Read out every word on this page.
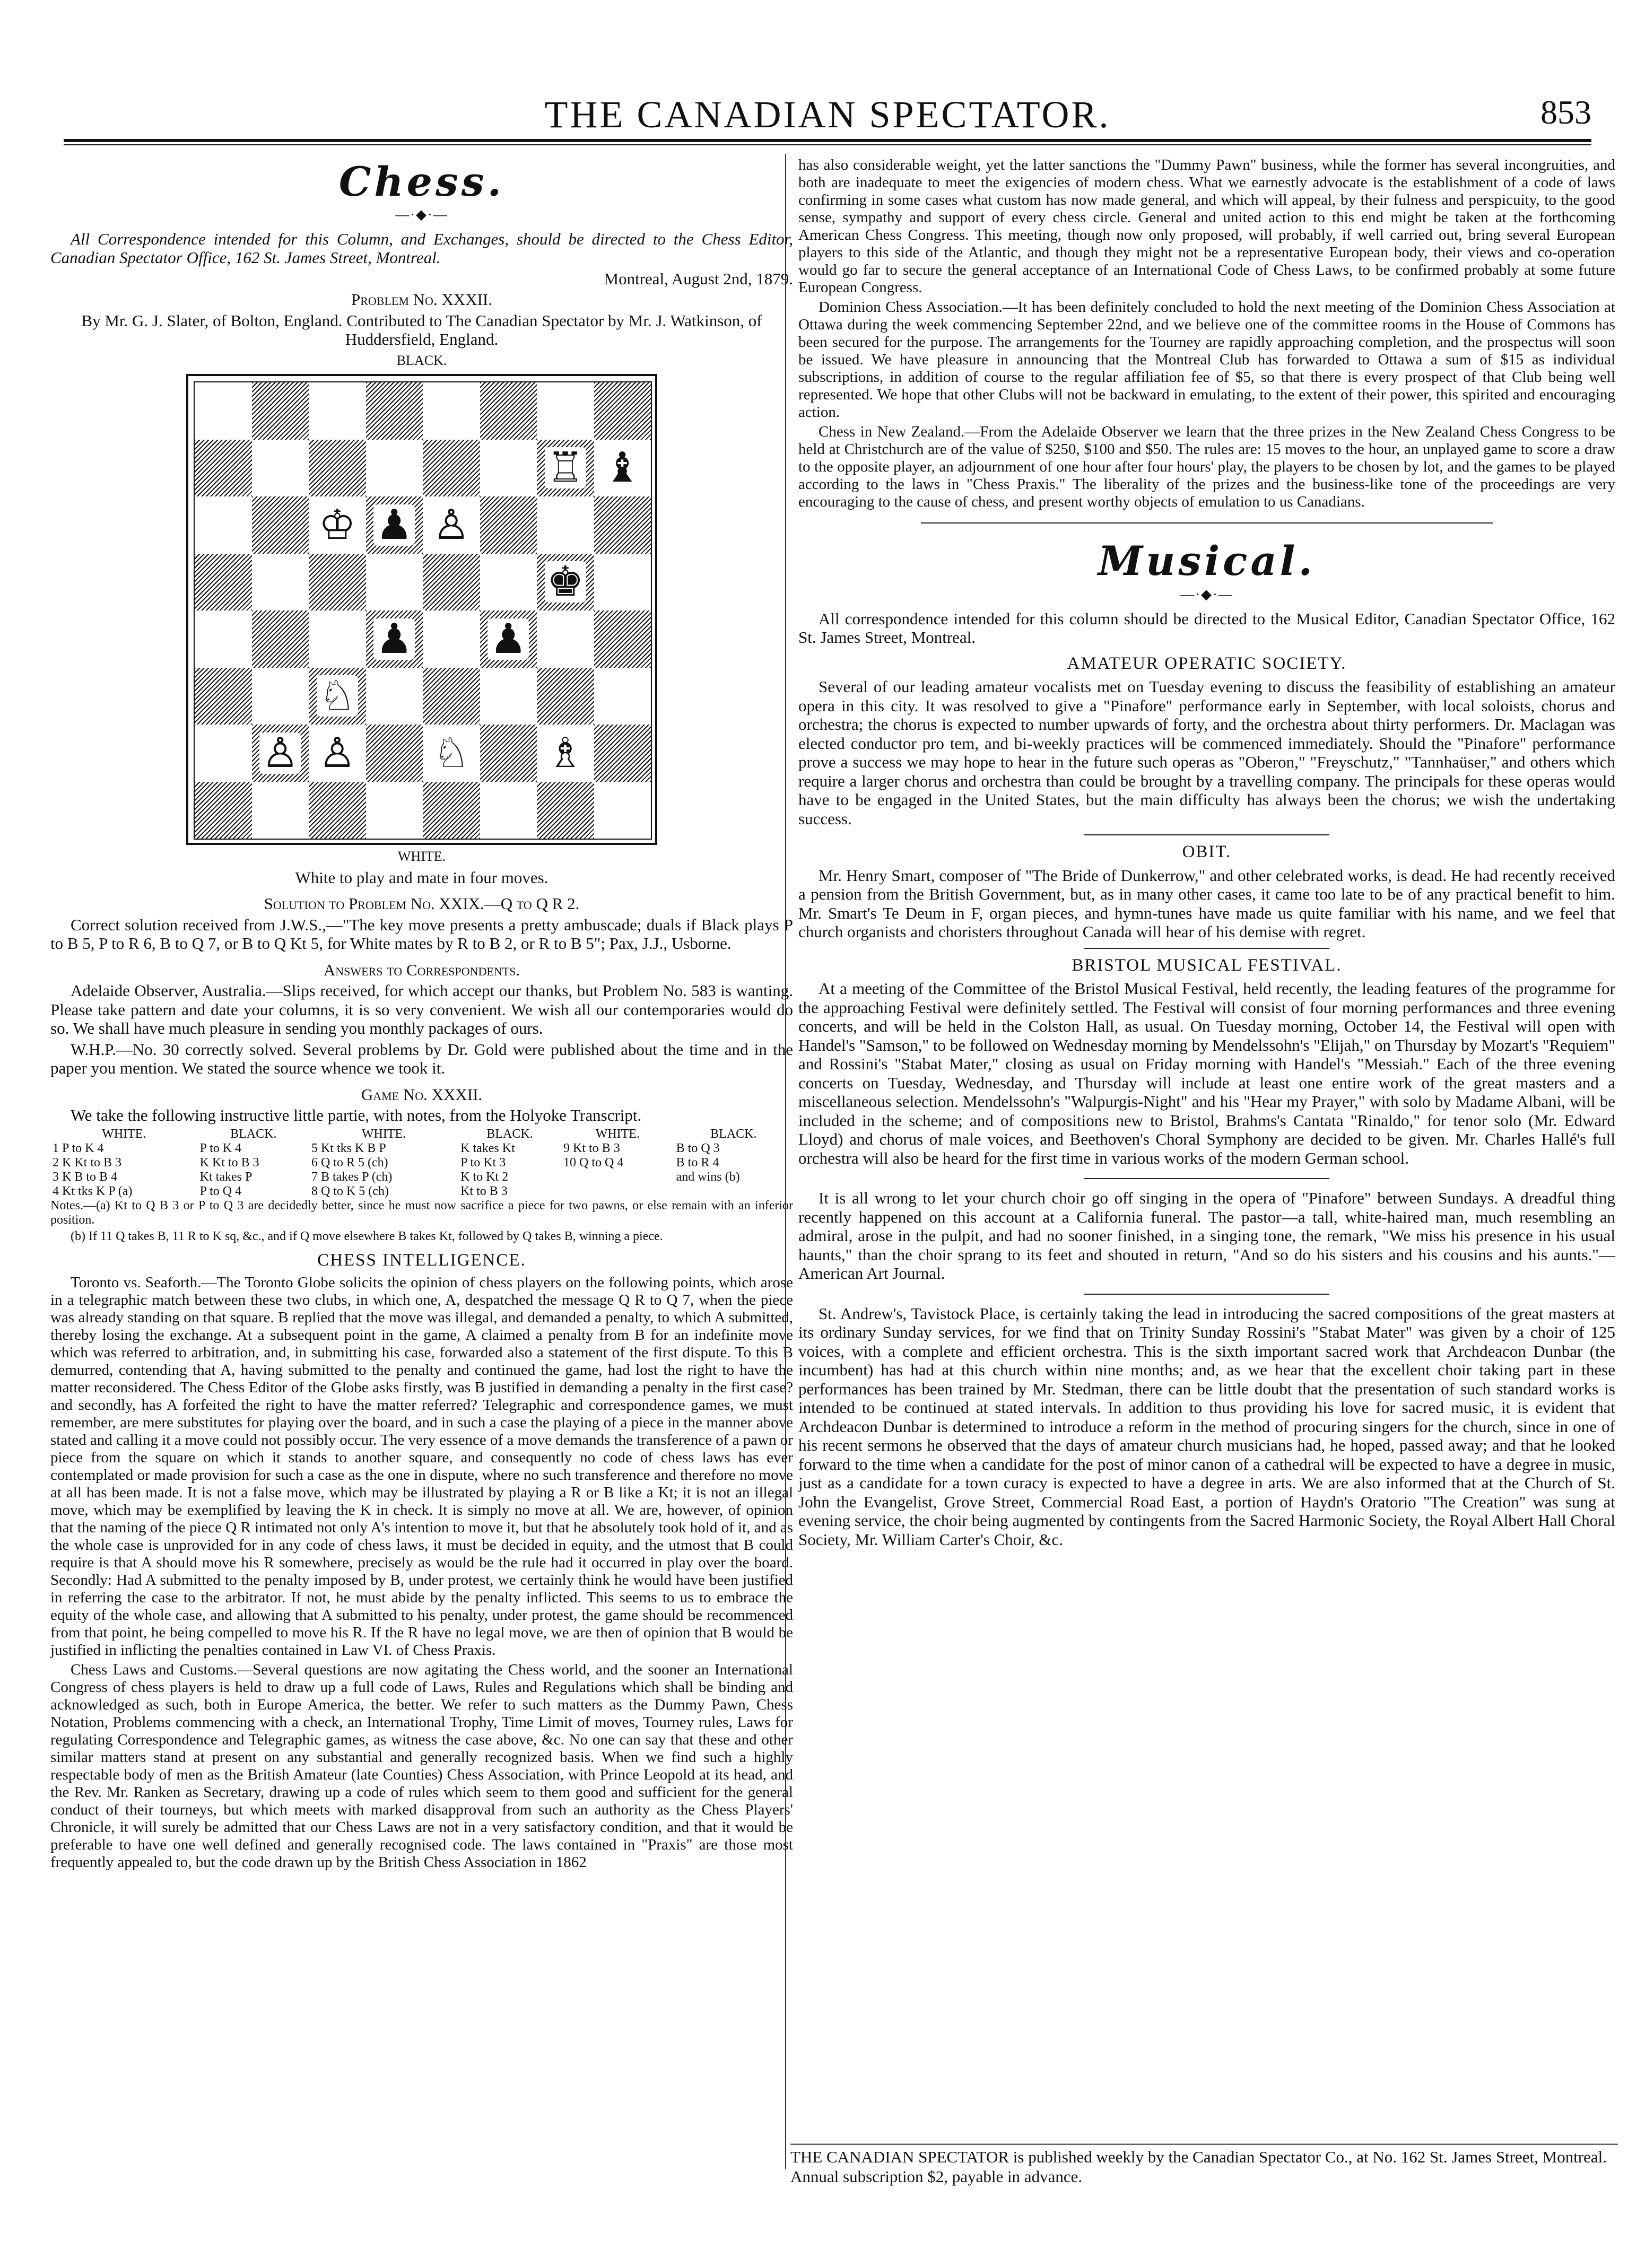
THE CANADIAN SPECTATOR.	853
Chess.
—·◆·—

All Correspondence intended for this Column, and Exchanges, should be directed to the Chess Editor, Canadian Spectator Office, 162 St. James Street, Montreal.

Montreal, August 2nd, 1879.

Problem No. XXXII.

By Mr. G. J. Slater, of Bolton, England. Contributed to The Canadian Spectator by Mr. J. Watkinson, of Huddersfield, England.

BLACK.

♖ ♝
♔ ♟ ♙
♚
♟ ♟
♘
♙ ♙ ♘ ♗

WHITE.

White to play and mate in four moves.

Solution to Problem No. XXIX.—Q to Q R 2.

Correct solution received from J.W.S.,—"The key move presents a pretty ambuscade; duals if Black plays P to B 5, P to R 6, B to Q 7, or B to Q Kt 5, for White mates by R to B 2, or R to B 5"; Pax, J.J., Usborne.

Answers to Correspondents.

Adelaide Observer, Australia.—Slips received, for which accept our thanks, but Problem No. 583 is wanting. Please take pattern and date your columns, it is so very convenient. We wish all our contemporaries would do so. We shall have much pleasure in sending you monthly packages of ours.

W.H.P.—No. 30 correctly solved. Several problems by Dr. Gold were published about the time and in the paper you mention. We stated the source whence we took it.

Game No. XXXII.

We take the following instructive little partie, with notes, from the Holyoke Transcript.

WHITE.	BLACK.	WHITE.	BLACK.	WHITE.	BLACK.
1 P to K 4	P to K 4	5 Kt tks K B P	K takes Kt	9 Kt to B 3	B to Q 3
2 K Kt to B 3	K Kt to B 3	6 Q to R 5 (ch)	P to Kt 3	10 Q to Q 4	B to R 4
3 K B to B 4	Kt takes P	7 B takes P (ch)	K to Kt 2		and wins (b)
4 Kt tks K P (a)	P to Q 4	8 Q to K 5 (ch)	Kt to B 3		

Notes.—(a) Kt to Q B 3 or P to Q 3 are decidedly better, since he must now sacrifice a piece for two pawns, or else remain with an inferior position.

(b) If 11 Q takes B, 11 R to K sq, &c., and if Q move elsewhere B takes Kt, followed by Q takes B, winning a piece.

CHESS INTELLIGENCE.

Toronto vs. Seaforth.—The Toronto Globe solicits the opinion of chess players on the following points, which arose in a telegraphic match between these two clubs, in which one, A, despatched the message Q R to Q 7, when the piece was already standing on that square. B replied that the move was illegal, and demanded a penalty, to which A submitted, thereby losing the exchange. At a subsequent point in the game, A claimed a penalty from B for an indefinite move which was referred to arbitration, and, in submitting his case, forwarded also a statement of the first dispute. To this B demurred, contending that A, having submitted to the penalty and continued the game, had lost the right to have the matter reconsidered. The Chess Editor of the Globe asks firstly, was B justified in demanding a penalty in the first case? and secondly, has A forfeited the right to have the matter referred? Telegraphic and correspondence games, we must remember, are mere substitutes for playing over the board, and in such a case the playing of a piece in the manner above stated and calling it a move could not possibly occur. The very essence of a move demands the transference of a pawn or piece from the square on which it stands to another square, and consequently no code of chess laws has ever contemplated or made provision for such a case as the one in dispute, where no such transference and therefore no move at all has been made. It is not a false move, which may be illustrated by playing a R or B like a Kt; it is not an illegal move, which may be exemplified by leaving the K in check. It is simply no move at all. We are, however, of opinion that the naming of the piece Q R intimated not only A's intention to move it, but that he absolutely took hold of it, and as the whole case is unprovided for in any code of chess laws, it must be decided in equity, and the utmost that B could require is that A should move his R somewhere, precisely as would be the rule had it occurred in play over the board. Secondly: Had A submitted to the penalty imposed by B, under protest, we certainly think he would have been justified in referring the case to the arbitrator. If not, he must abide by the penalty inflicted. This seems to us to embrace the equity of the whole case, and allowing that A submitted to his penalty, under protest, the game should be recommenced from that point, he being compelled to move his R. If the R have no legal move, we are then of opinion that B would be justified in inflicting the penalties contained in Law VI. of Chess Praxis.

Chess Laws and Customs.—Several questions are now agitating the Chess world, and the sooner an International Congress of chess players is held to draw up a full code of Laws, Rules and Regulations which shall be binding and acknowledged as such, both in Europe America, the better. We refer to such matters as the Dummy Pawn, Chess Notation, Problems commencing with a check, an International Trophy, Time Limit of moves, Tourney rules, Laws for regulating Correspondence and Telegraphic games, as witness the case above, &c. No one can say that these and other similar matters stand at present on any substantial and generally recognized basis. When we find such a highly respectable body of men as the British Amateur (late Counties) Chess Association, with Prince Leopold at its head, and the Rev. Mr. Ranken as Secretary, drawing up a code of rules which seem to them good and sufficient for the general conduct of their tourneys, but which meets with marked disapproval from such an authority as the Chess Players' Chronicle, it will surely be admitted that our Chess Laws are not in a very satisfactory condition, and that it would be preferable to have one well defined and generally recognised code. The laws contained in "Praxis" are those most frequently appealed to, but the code drawn up by the British Chess Association in 1862

has also considerable weight, yet the latter sanctions the "Dummy Pawn" business, while the former has several incongruities, and both are inadequate to meet the exigencies of modern chess. What we earnestly advocate is the establishment of a code of laws confirming in some cases what custom has now made general, and which will appeal, by their fulness and perspicuity, to the good sense, sympathy and support of every chess circle. General and united action to this end might be taken at the forthcoming American Chess Congress. This meeting, though now only proposed, will probably, if well carried out, bring several European players to this side of the Atlantic, and though they might not be a representative European body, their views and co-operation would go far to secure the general acceptance of an International Code of Chess Laws, to be confirmed probably at some future European Congress.

Dominion Chess Association.—It has been definitely concluded to hold the next meeting of the Dominion Chess Association at Ottawa during the week commencing September 22nd, and we believe one of the committee rooms in the House of Commons has been secured for the purpose. The arrangements for the Tourney are rapidly approaching completion, and the prospectus will soon be issued. We have pleasure in announcing that the Montreal Club has forwarded to Ottawa a sum of $15 as individual subscriptions, in addition of course to the regular affiliation fee of $5, so that there is every prospect of that Club being well represented. We hope that other Clubs will not be backward in emulating, to the extent of their power, this spirited and encouraging action.

Chess in New Zealand.—From the Adelaide Observer we learn that the three prizes in the New Zealand Chess Congress to be held at Christchurch are of the value of $250, $100 and $50. The rules are: 15 moves to the hour, an unplayed game to score a draw to the opposite player, an adjournment of one hour after four hours' play, the players to be chosen by lot, and the games to be played according to the laws in "Chess Praxis." The liberality of the prizes and the business-like tone of the proceedings are very encouraging to the cause of chess, and present worthy objects of emulation to us Canadians.

Musical.
—·◆·—

All correspondence intended for this column should be directed to the Musical Editor, Canadian Spectator Office, 162 St. James Street, Montreal.

AMATEUR OPERATIC SOCIETY.

Several of our leading amateur vocalists met on Tuesday evening to discuss the feasibility of establishing an amateur opera in this city. It was resolved to give a "Pinafore" performance early in September, with local soloists, chorus and orchestra; the chorus is expected to number upwards of forty, and the orchestra about thirty performers. Dr. Maclagan was elected conductor pro tem, and bi-weekly practices will be commenced immediately. Should the "Pinafore" performance prove a success we may hope to hear in the future such operas as "Oberon," "Freyschutz," "Tannhaüser," and others which require a larger chorus and orchestra than could be brought by a travelling company. The principals for these operas would have to be engaged in the United States, but the main difficulty has always been the chorus; we wish the undertaking success.

OBIT.

Mr. Henry Smart, composer of "The Bride of Dunkerrow," and other celebrated works, is dead. He had recently received a pension from the British Government, but, as in many other cases, it came too late to be of any practical benefit to him. Mr. Smart's Te Deum in F, organ pieces, and hymn-tunes have made us quite familiar with his name, and we feel that church organists and choristers throughout Canada will hear of his demise with regret.

BRISTOL MUSICAL FESTIVAL.

At a meeting of the Committee of the Bristol Musical Festival, held recently, the leading features of the programme for the approaching Festival were definitely settled. The Festival will consist of four morning performances and three evening concerts, and will be held in the Colston Hall, as usual. On Tuesday morning, October 14, the Festival will open with Handel's "Samson," to be followed on Wednesday morning by Mendelssohn's "Elijah," on Thursday by Mozart's "Requiem" and Rossini's "Stabat Mater," closing as usual on Friday morning with Handel's "Messiah." Each of the three evening concerts on Tuesday, Wednesday, and Thursday will include at least one entire work of the great masters and a miscellaneous selection. Mendelssohn's "Walpurgis-Night" and his "Hear my Prayer," with solo by Madame Albani, will be included in the scheme; and of compositions new to Bristol, Brahms's Cantata "Rinaldo," for tenor solo (Mr. Edward Lloyd) and chorus of male voices, and Beethoven's Choral Symphony are decided to be given. Mr. Charles Hallé's full orchestra will also be heard for the first time in various works of the modern German school.

It is all wrong to let your church choir go off singing in the opera of "Pinafore" between Sundays. A dreadful thing recently happened on this account at a California funeral. The pastor—a tall, white-haired man, much resembling an admiral, arose in the pulpit, and had no sooner finished, in a singing tone, the remark, "We miss his presence in his usual haunts," than the choir sprang to its feet and shouted in return, "And so do his sisters and his cousins and his aunts."—American Art Journal.

St. Andrew's, Tavistock Place, is certainly taking the lead in introducing the sacred compositions of the great masters at its ordinary Sunday services, for we find that on Trinity Sunday Rossini's "Stabat Mater" was given by a choir of 125 voices, with a complete and efficient orchestra. This is the sixth important sacred work that Archdeacon Dunbar (the incumbent) has had at this church within nine months; and, as we hear that the excellent choir taking part in these performances has been trained by Mr. Stedman, there can be little doubt that the presentation of such standard works is intended to be continued at stated intervals. In addition to thus providing his love for sacred music, it is evident that Archdeacon Dunbar is determined to introduce a reform in the method of procuring singers for the church, since in one of his recent sermons he observed that the days of amateur church musicians had, he hoped, passed away; and that he looked forward to the time when a candidate for the post of minor canon of a cathedral will be expected to have a degree in music, just as a candidate for a town curacy is expected to have a degree in arts. We are also informed that at the Church of St. John the Evangelist, Grove Street, Commercial Road East, a portion of Haydn's Oratorio "The Creation" was sung at evening service, the choir being augmented by contingents from the Sacred Harmonic Society, the Royal Albert Hall Choral Society, Mr. William Carter's Choir, &c.

THE CANADIAN SPECTATOR is published weekly by the Canadian Spectator Co., at No. 162 St. James Street, Montreal. Annual subscription $2, payable in advance.
